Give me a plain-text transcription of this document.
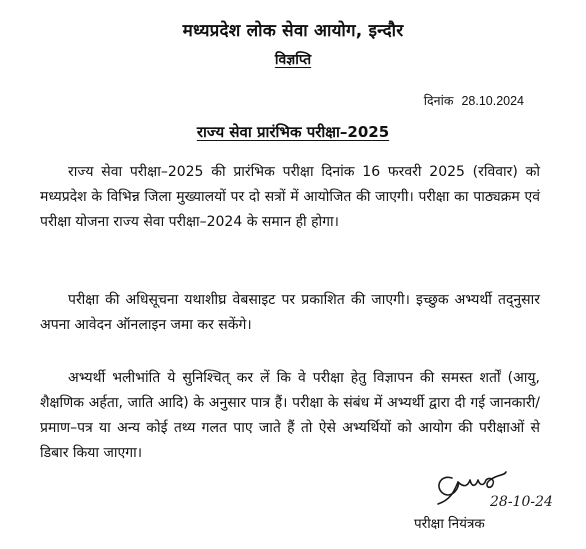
मध्यप्रदेश लोक सेवा आयोग, इन्दौर
विज्ञप्ति
दिनांक 28.10.2024
राज्य सेवा प्रारंभिक परीक्षा–2025

राज्य सेवा परीक्षा–2025 की प्रारंभिक परीक्षा दिनांक 16 फरवरी 2025 (रविवार) को मध्यप्रदेश के विभिन्न जिला मुख्यालयों पर दो सत्रों में आयोजित की जाएगी। परीक्षा का पाठ्यक्रम एवं परीक्षा योजना राज्य सेवा परीक्षा–2024 के समान ही होगा।

परीक्षा की अधिसूचना यथाशीघ्र वेबसाइट पर प्रकाशित की जाएगी। इच्छुक अभ्यर्थी तद्नुसार अपना आवेदन ऑनलाइन जमा कर सकेंगे।

अभ्यर्थी भलीभांति ये सुनिश्चित् कर लें कि वे परीक्षा हेतु विज्ञापन की समस्त शर्तों (आयु, शैक्षणिक अर्हता, जाति आदि) के अनुसार पात्र हैं। परीक्षा के संबंध में अभ्यर्थी द्वारा दी गई जानकारी/प्रमाण–पत्र या अन्य कोई तथ्य गलत पाए जाते हैं तो ऐसे अभ्यर्थियों को आयोग की परीक्षाओं से डिबार किया जाएगा।

28-10-24
परीक्षा नियंत्रक
